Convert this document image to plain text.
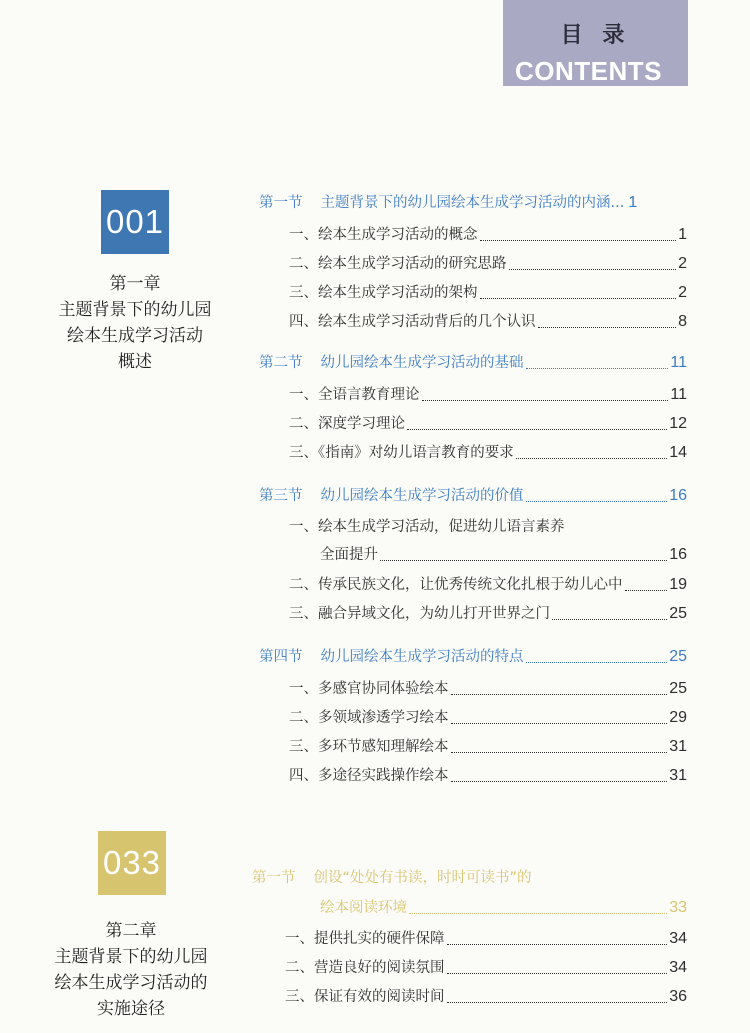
目 录
CONTENTS
001
第一章
主题背景下的幼儿园
绘本生成学习活动
概述
第一节 主题背景下的幼儿园绘本生成学习活动的内涵... 1
一、绘本生成学习活动的概念	1
二、绘本生成学习活动的研究思路	2
三、绘本生成学习活动的架构	2
四、绘本生成学习活动背后的几个认识	8
第二节 幼儿园绘本生成学习活动的基础	11
一、全语言教育理论	11
二、深度学习理论	12
三、《指南》对幼儿语言教育的要求	14
第三节 幼儿园绘本生成学习活动的价值	16
一、绘本生成学习活动，促进幼儿语言素养
全面提升	16
二、传承民族文化，让优秀传统文化扎根于幼儿心中	19
三、融合异域文化，为幼儿打开世界之门	25
第四节 幼儿园绘本生成学习活动的特点	25
一、多感官协同体验绘本	25
二、多领域渗透学习绘本	29
三、多环节感知理解绘本	31
四、多途径实践操作绘本	31
033
第二章
主题背景下的幼儿园
绘本生成学习活动的
实施途径
第一节 创设“处处有书读，时时可读书”的
绘本阅读环境	33
一、提供扎实的硬件保障	34
二、营造良好的阅读氛围	34
三、保证有效的阅读时间	36
